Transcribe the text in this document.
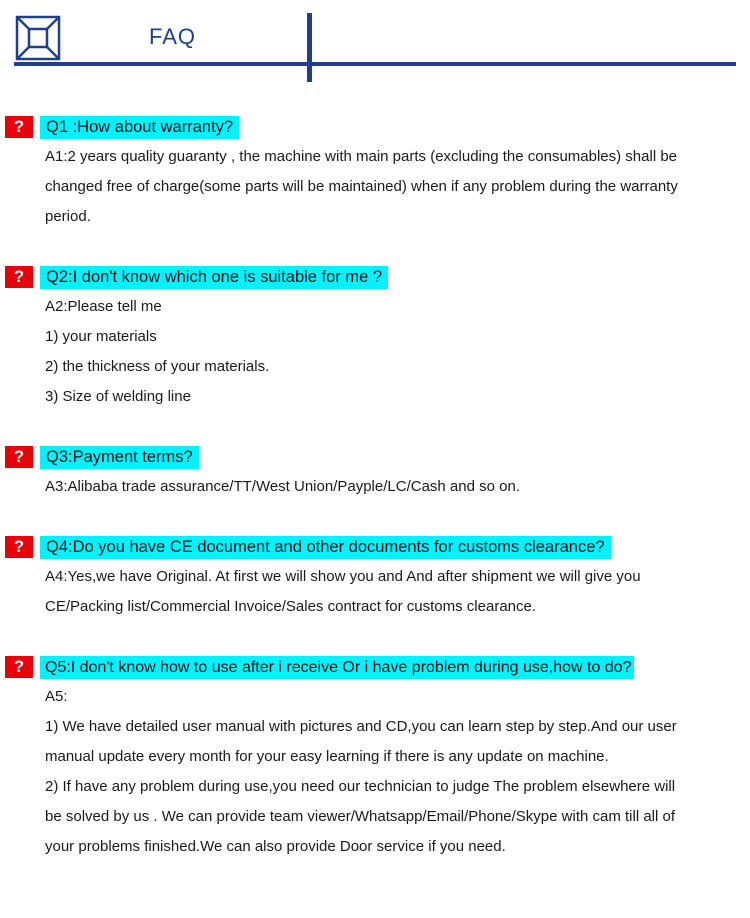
FAQ
?	Q1 :How about warranty?
A1:2 years quality guaranty , the machine with main parts (excluding the consumables) shall be
changed free of charge(some parts will be maintained) when if any problem during the warranty
period.
?	Q2:I don't know which one is suitable for me ?
A2:Please tell me
1) your materials
2) the thickness of your materials.
3) Size of welding line
?	Q3:Payment terms?
A3:Alibaba trade assurance/TT/West Union/Payple/LC/Cash and so on.
?	Q4:Do you have CE document and other documents for customs clearance?
A4:Yes,we have Original. At first we will show you and And after shipment we will give you
CE/Packing list/Commercial Invoice/Sales contract for customs clearance.
?	Q5:I don't know how to use after i receive Or i have problem during use,how to do?
A5:
1) We have detailed user manual with pictures and CD,you can learn step by step.And our user
manual update every month for your easy learning if there is any update on machine.
2) If have any problem during use,you need our technician to judge The problem elsewhere will
be solved by us . We can provide team viewer/Whatsapp/Email/Phone/Skype with cam till all of
your problems finished.We can also provide Door service if you need.
